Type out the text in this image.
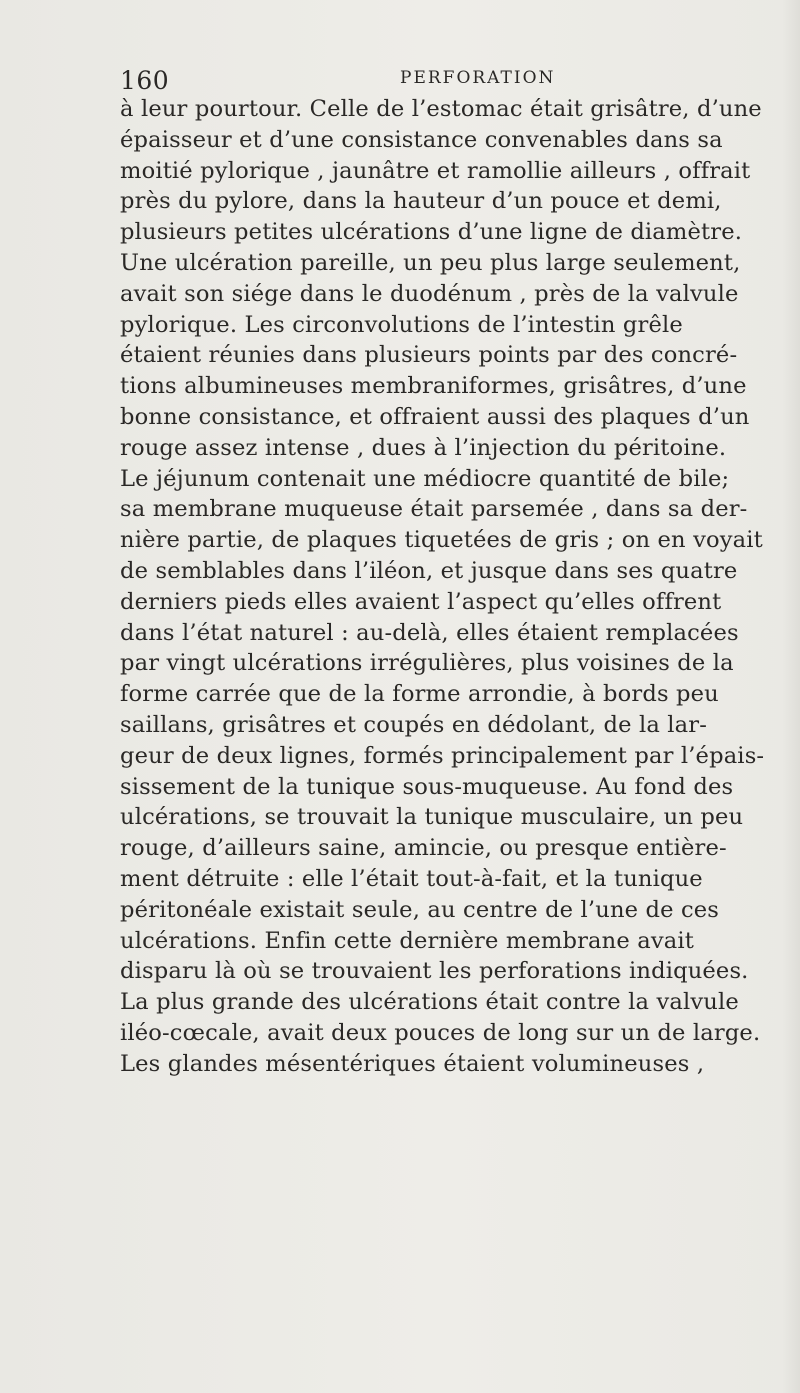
160	PERFORATION
à leur pourtour. Celle de l’estomac était grisâtre, d’une
épaisseur et d’une consistance convenables dans sa
moitié pylorique , jaunâtre et ramollie ailleurs , offrait
près du pylore, dans la hauteur d’un pouce et demi,
plusieurs petites ulcérations d’une ligne de diamètre.
Une ulcération pareille, un peu plus large seulement,
avait son siége dans le duodénum , près de la valvule
pylorique. Les circonvolutions de l’intestin grêle
étaient réunies dans plusieurs points par des concré-
tions albumineuses membraniformes, grisâtres, d’une
bonne consistance, et offraient aussi des plaques d’un
rouge assez intense , dues à l’injection du péritoine.
Le jéjunum contenait une médiocre quantité de bile;
sa membrane muqueuse était parsemée , dans sa der-
nière partie, de plaques tiquetées de gris ; on en voyait
de semblables dans l’iléon, et jusque dans ses quatre
derniers pieds elles avaient l’aspect qu’elles offrent
dans l’état naturel : au-delà, elles étaient remplacées
par vingt ulcérations irrégulières, plus voisines de la
forme carrée que de la forme arrondie, à bords peu
saillans, grisâtres et coupés en dédolant, de la lar-
geur de deux lignes, formés principalement par l’épais-
sissement de la tunique sous-muqueuse. Au fond des
ulcérations, se trouvait la tunique musculaire, un peu
rouge, d’ailleurs saine, amincie, ou presque entière-
ment détruite : elle l’était tout-à-fait, et la tunique
péritonéale existait seule, au centre de l’une de ces
ulcérations. Enfin cette dernière membrane avait
disparu là où se trouvaient les perforations indiquées.
La plus grande des ulcérations était contre la valvule
iléo-cœcale, avait deux pouces de long sur un de large.
Les glandes mésentériques étaient volumineuses ,
